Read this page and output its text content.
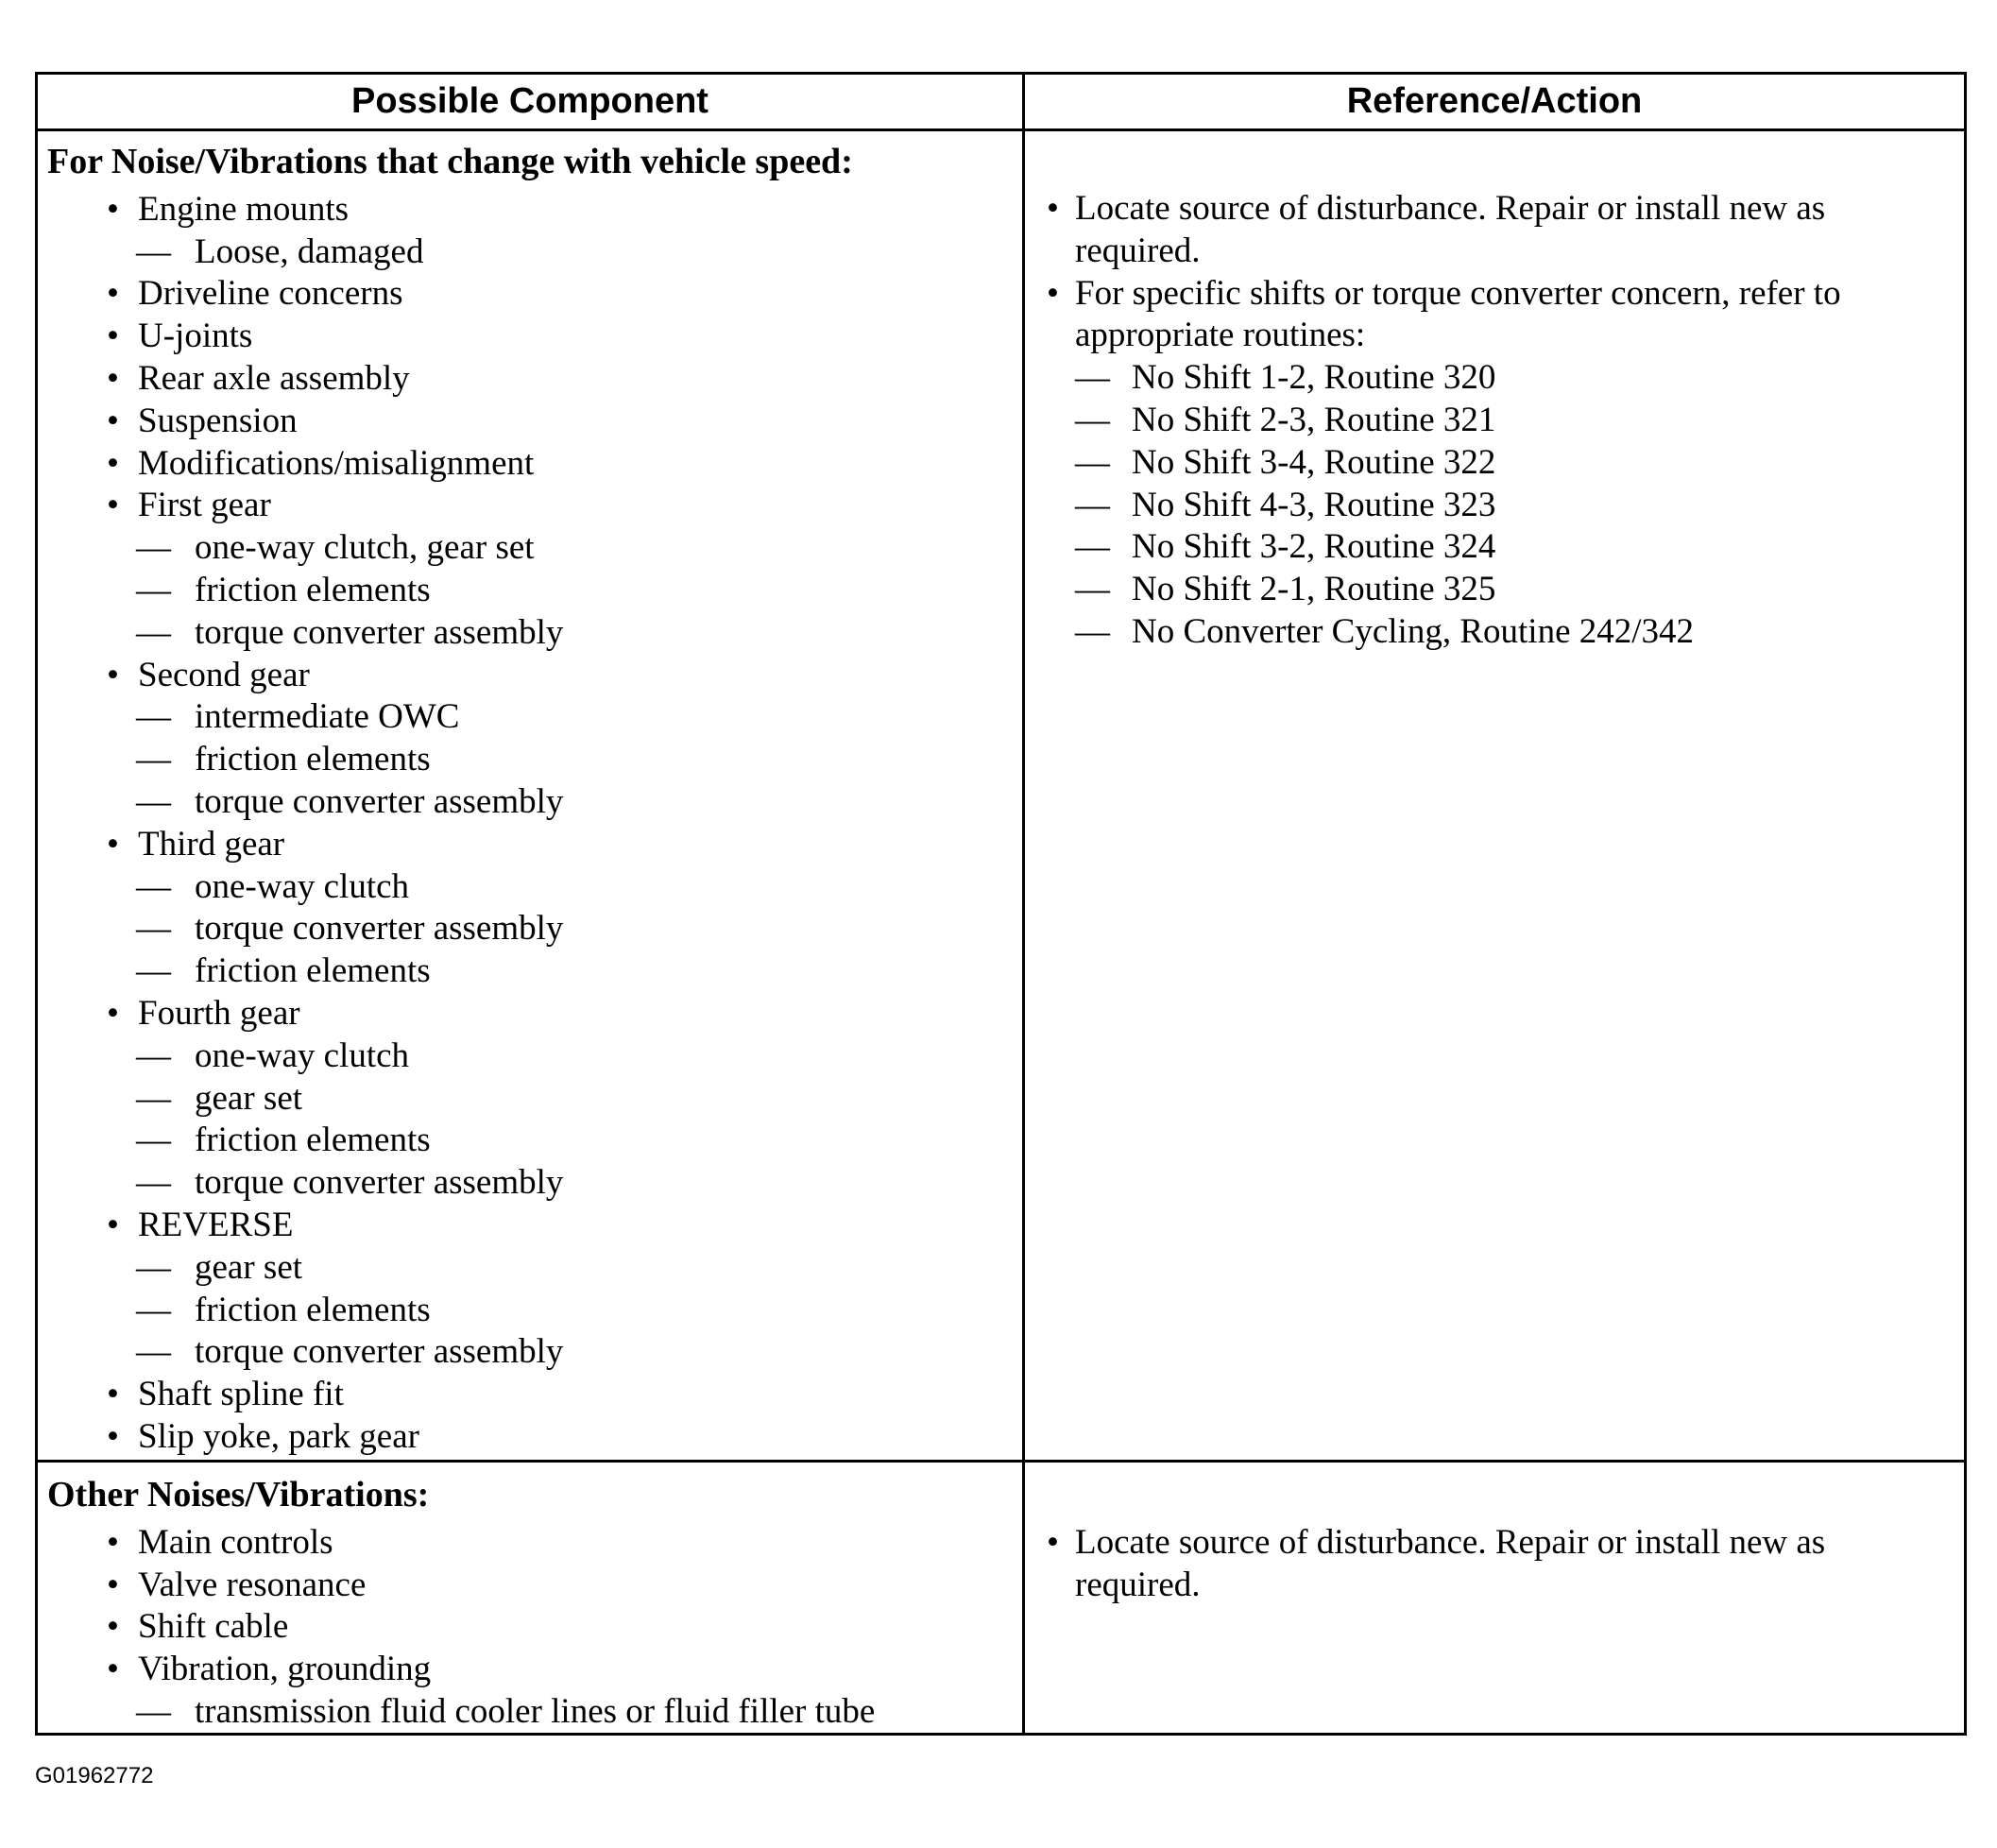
Possible Component	Reference/Action
For Noise/Vibrations that change with vehicle speed:
• Engine mounts
— Loose, damaged
• Driveline concerns
• U-joints
• Rear axle assembly
• Suspension
• Modifications/misalignment
• First gear
— one-way clutch, gear set
— friction elements
— torque converter assembly
• Second gear
— intermediate OWC
— friction elements
— torque converter assembly
• Third gear
— one-way clutch
— torque converter assembly
— friction elements
• Fourth gear
— one-way clutch
— gear set
— friction elements
— torque converter assembly
• REVERSE
— gear set
— friction elements
— torque converter assembly
• Shaft spline fit
• Slip yoke, park gear
• Locate source of disturbance. Repair or install new as required.
• For specific shifts or torque converter concern, refer to appropriate routines:
— No Shift 1-2, Routine 320
— No Shift 2-3, Routine 321
— No Shift 3-4, Routine 322
— No Shift 4-3, Routine 323
— No Shift 3-2, Routine 324
— No Shift 2-1, Routine 325
— No Converter Cycling, Routine 242/342
Other Noises/Vibrations:
• Main controls
• Valve resonance
• Shift cable
• Vibration, grounding
— transmission fluid cooler lines or fluid filler tube
• Locate source of disturbance. Repair or install new as required.
G01962772
